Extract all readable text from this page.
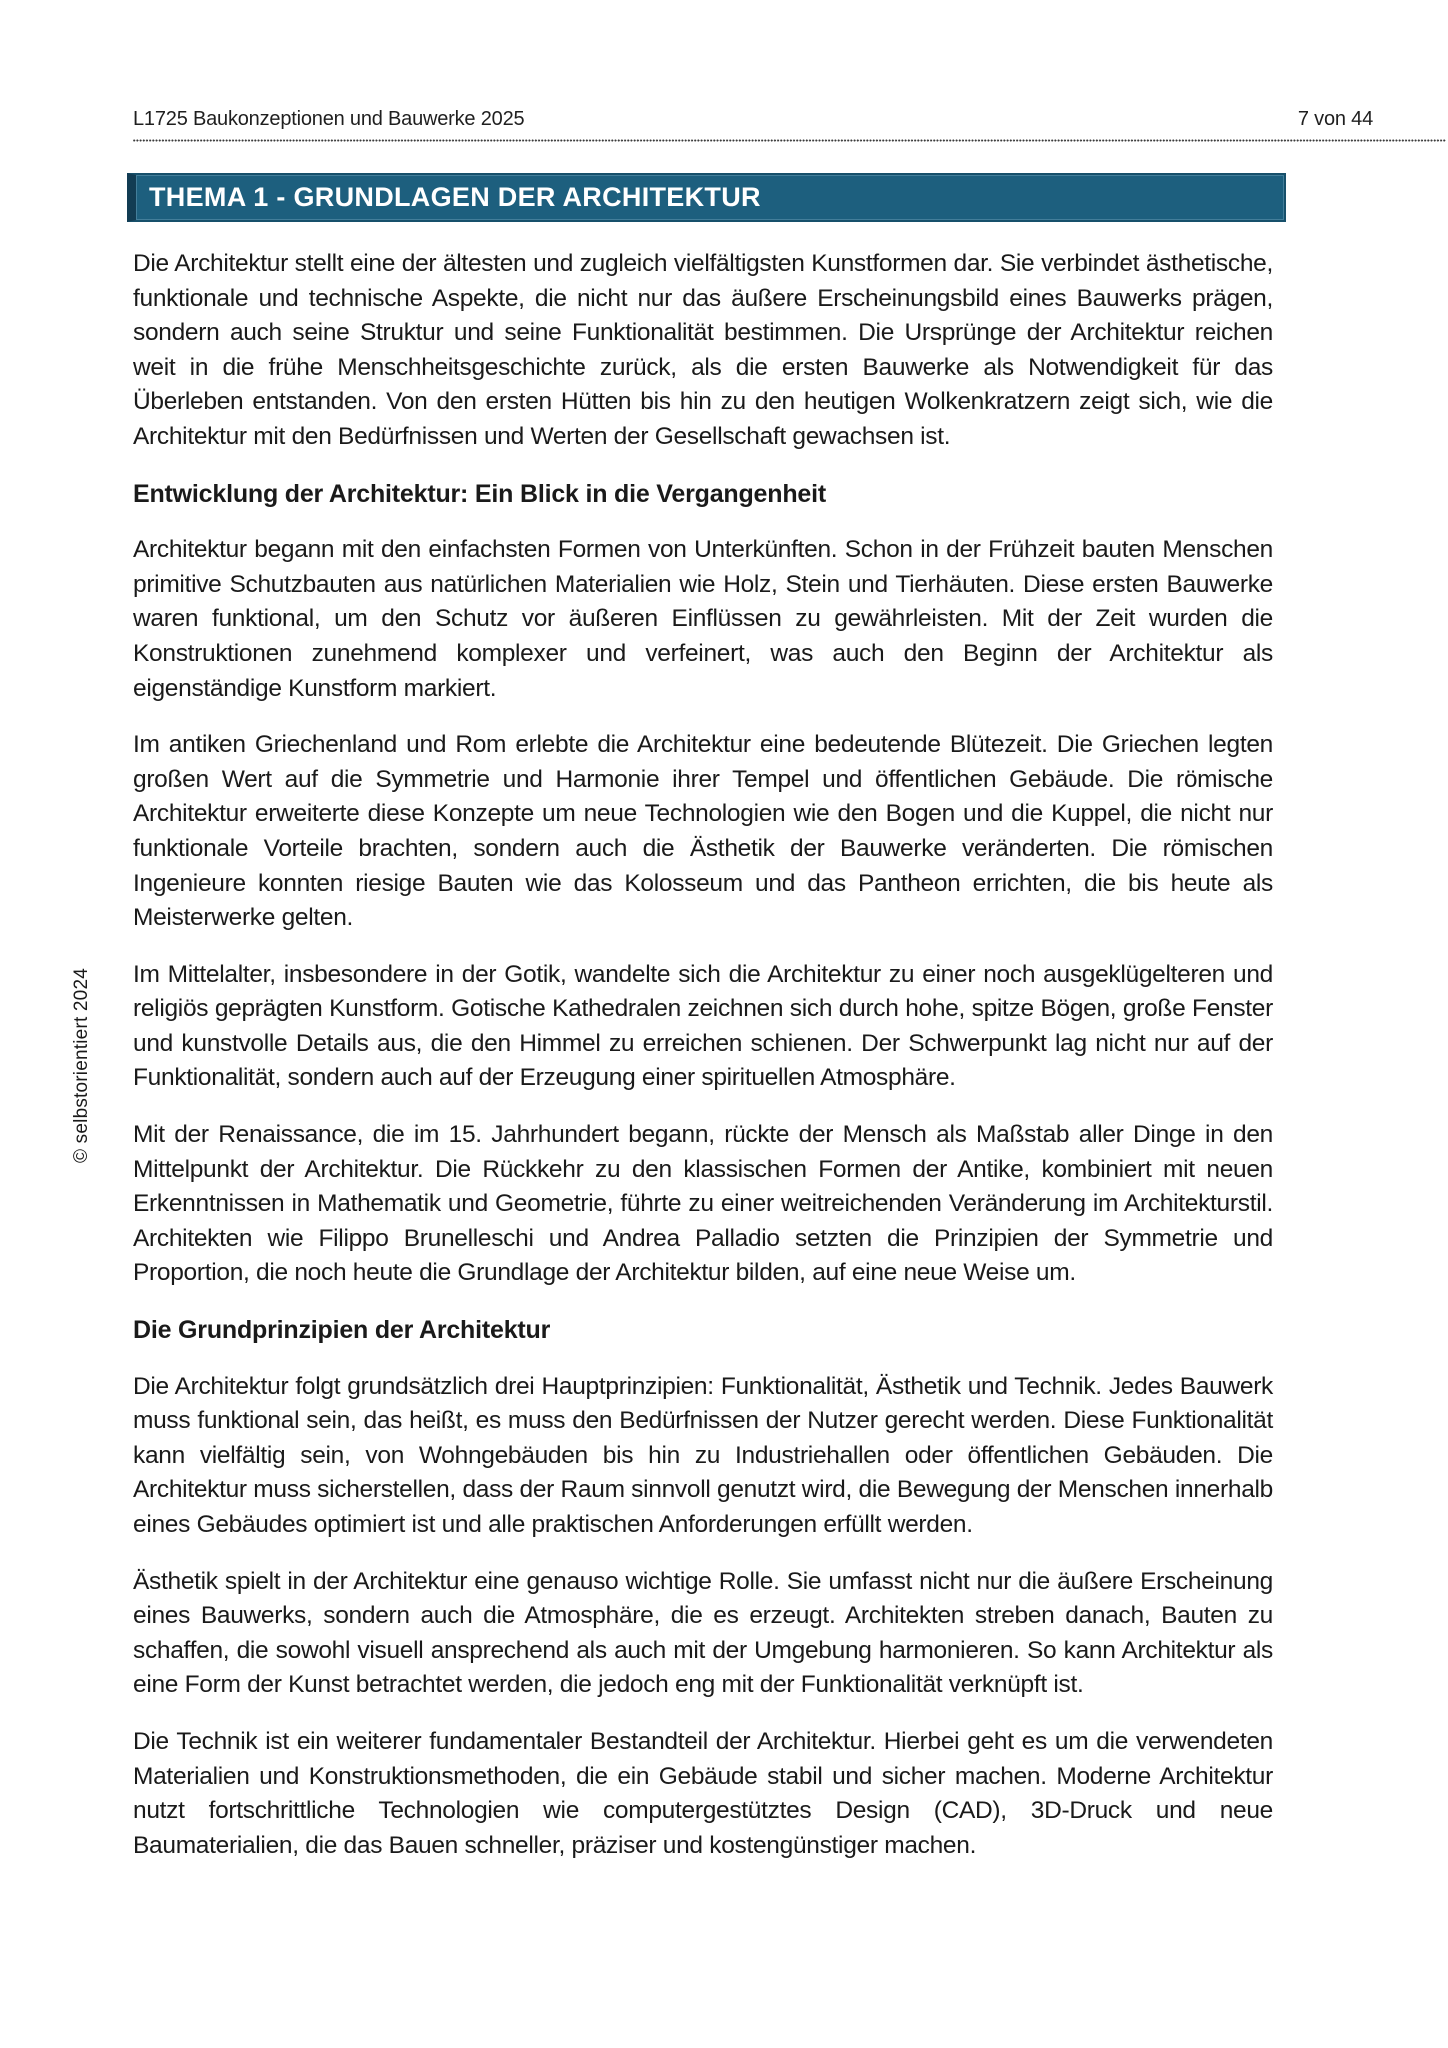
L1725 Baukonzeptionen und Bauwerke 2025	7 von 44
THEMA 1 - GRUNDLAGEN DER ARCHITEKTUR

Die Architektur stellt eine der ältesten und zugleich vielfältigsten Kunstformen dar. Sie verbindet ästhetische, funktionale und technische Aspekte, die nicht nur das äußere Erscheinungsbild eines Bauwerks prägen, sondern auch seine Struktur und seine Funktionalität bestimmen. Die Ursprünge der Architektur reichen weit in die frühe Menschheitsgeschichte zurück, als die ersten Bauwerke als Notwendigkeit für das Überleben entstanden. Von den ersten Hütten bis hin zu den heutigen Wolkenkratzern zeigt sich, wie die Architektur mit den Bedürfnissen und Werten der Gesellschaft gewachsen ist.

Entwicklung der Architektur: Ein Blick in die Vergangenheit

Architektur begann mit den einfachsten Formen von Unterkünften. Schon in der Frühzeit bauten Menschen primitive Schutzbauten aus natürlichen Materialien wie Holz, Stein und Tierhäuten. Diese ersten Bauwerke waren funktional, um den Schutz vor äußeren Einflüssen zu gewährleisten. Mit der Zeit wurden die Konstruktionen zunehmend komplexer und verfeinert, was auch den Beginn der Architektur als eigenständige Kunstform markiert.

Im antiken Griechenland und Rom erlebte die Architektur eine bedeutende Blütezeit. Die Griechen legten großen Wert auf die Symmetrie und Harmonie ihrer Tempel und öffentlichen Gebäude. Die römische Architektur erweiterte diese Konzepte um neue Technologien wie den Bogen und die Kuppel, die nicht nur funktionale Vorteile brachten, sondern auch die Ästhetik der Bauwerke veränderten. Die römischen Ingenieure konnten riesige Bauten wie das Kolosseum und das Pantheon errichten, die bis heute als Meisterwerke gelten.

Im Mittelalter, insbesondere in der Gotik, wandelte sich die Architektur zu einer noch ausgeklügelteren und religiös geprägten Kunstform. Gotische Kathedralen zeichnen sich durch hohe, spitze Bögen, große Fenster und kunstvolle Details aus, die den Himmel zu erreichen schienen. Der Schwerpunkt lag nicht nur auf der Funktionalität, sondern auch auf der Erzeugung einer spirituellen Atmosphäre.

Mit der Renaissance, die im 15. Jahrhundert begann, rückte der Mensch als Maßstab aller Dinge in den Mittelpunkt der Architektur. Die Rückkehr zu den klassischen Formen der Antike, kombiniert mit neuen Erkenntnissen in Mathematik und Geometrie, führte zu einer weitreichenden Veränderung im Architekturstil. Architekten wie Filippo Brunelleschi und Andrea Palladio setzten die Prinzipien der Symmetrie und Proportion, die noch heute die Grundlage der Architektur bilden, auf eine neue Weise um.

Die Grundprinzipien der Architektur

Die Architektur folgt grundsätzlich drei Hauptprinzipien: Funktionalität, Ästhetik und Technik. Jedes Bauwerk muss funktional sein, das heißt, es muss den Bedürfnissen der Nutzer gerecht werden. Diese Funktionalität kann vielfältig sein, von Wohngebäuden bis hin zu Industriehallen oder öffentlichen Gebäuden. Die Architektur muss sicherstellen, dass der Raum sinnvoll genutzt wird, die Bewegung der Menschen innerhalb eines Gebäudes optimiert ist und alle praktischen Anforderungen erfüllt werden.

Ästhetik spielt in der Architektur eine genauso wichtige Rolle. Sie umfasst nicht nur die äußere Erscheinung eines Bauwerks, sondern auch die Atmosphäre, die es erzeugt. Architekten streben danach, Bauten zu schaffen, die sowohl visuell ansprechend als auch mit der Umgebung harmonieren. So kann Architektur als eine Form der Kunst betrachtet werden, die jedoch eng mit der Funktionalität verknüpft ist.

Die Technik ist ein weiterer fundamentaler Bestandteil der Architektur. Hierbei geht es um die verwendeten Materialien und Konstruktionsmethoden, die ein Gebäude stabil und sicher machen. Moderne Architektur nutzt fortschrittliche Technologien wie computergestütztes Design (CAD), 3D-Druck und neue Baumaterialien, die das Bauen schneller, präziser und kostengünstiger machen.

© selbstorientiert 2024
